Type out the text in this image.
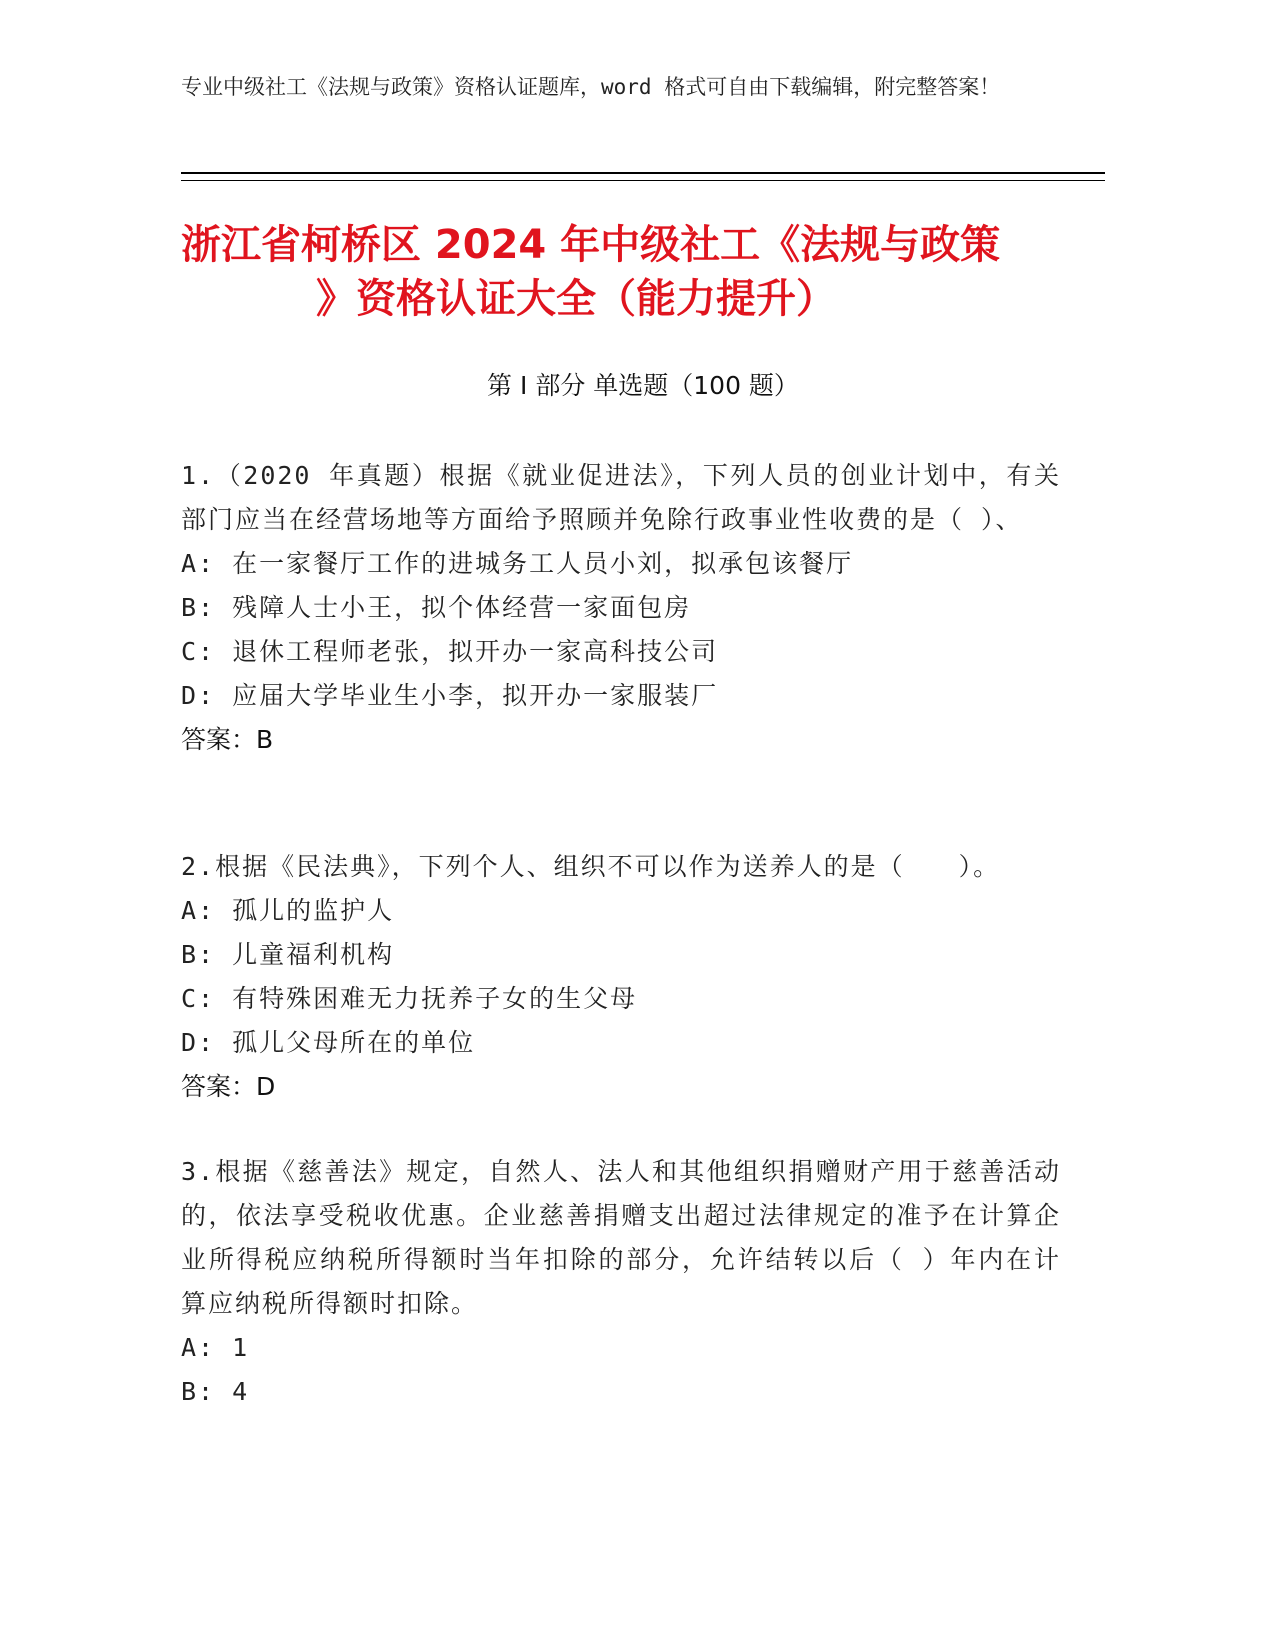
专业中级社工《法规与政策》资格认证题库，word 格式可自由下载编辑，附完整答案！
浙江省柯桥区 2024 年中级社工《法规与政策
》资格认证大全（能力提升）
第 I 部分 单选题（100 题）
1.（2020 年真题）根据《就业促进法》，下列人员的创业计划中，有关部门应当在经营场地等方面给予照顾并免除行政事业性收费的是（ ）、
A: 在一家餐厅工作的进城务工人员小刘，拟承包该餐厅
B: 残障人士小王，拟个体经营一家面包房
C: 退休工程师老张，拟开办一家高科技公司
D: 应届大学毕业生小李，拟开办一家服装厂
答案：B
2.根据《民法典》，下列个人、组织不可以作为送养人的是（　　）。
A: 孤儿的监护人
B: 儿童福利机构
C: 有特殊困难无力抚养子女的生父母
D: 孤儿父母所在的单位
答案：D
3.根据《慈善法》规定，自然人、法人和其他组织捐赠财产用于慈善活动的，依法享受税收优惠。企业慈善捐赠支出超过法律规定的准予在计算企业所得税应纳税所得额时当年扣除的部分，允许结转以后（ ）年内在计算应纳税所得额时扣除。
A: 1
B: 4
